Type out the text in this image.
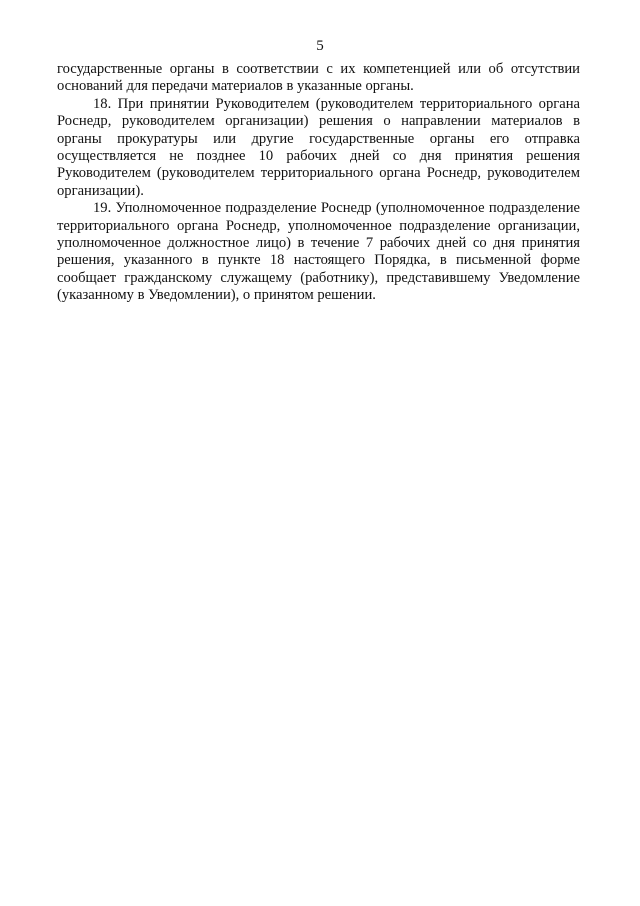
5

государственные органы в соответствии с их компетенцией или об отсутствии оснований для передачи материалов в указанные органы.

18. При принятии Руководителем (руководителем территориального органа Роснедр, руководителем организации) решения о направлении материалов в органы прокуратуры или другие государственные органы его отправка осуществляется не позднее 10 рабочих дней со дня принятия решения Руководителем (руководителем территориального органа Роснедр, руководителем организации).

19. Уполномоченное подразделение Роснедр (уполномоченное подразделение территориального органа Роснедр, уполномоченное подразделение организации, уполномоченное должностное лицо) в течение 7 рабочих дней со дня принятия решения, указанного в пункте 18 настоящего Порядка, в письменной форме сообщает гражданскому служащему (работнику), представившему Уведомление (указанному в Уведомлении), о принятом решении.
